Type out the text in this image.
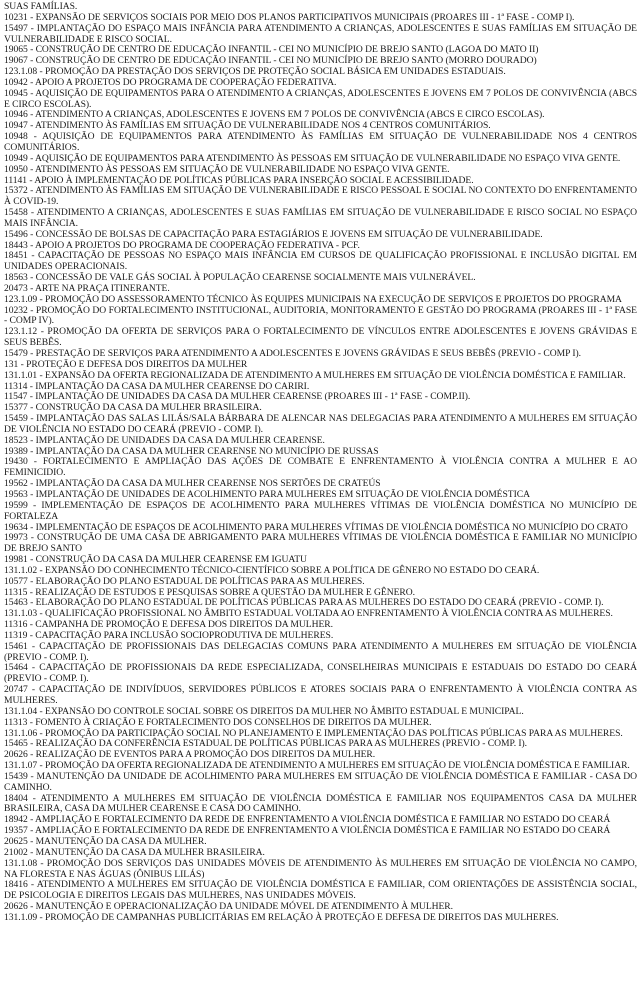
SUAS FAMÍLIAS.
10231 - EXPANSÃO DE SERVIÇOS SOCIAIS POR MEIO DOS PLANOS PARTICIPATIVOS MUNICIPAIS (PROARES III - 1ª FASE - COMP I).
15497 - IMPLANTAÇÃO DO ESPAÇO MAIS INFÂNCIA PARA ATENDIMENTO A CRIANÇAS, ADOLESCENTES E SUAS FAMÍLIAS EM SITUAÇÃO DE VULNERABILIDADE E RISCO SOCIAL.
19065 - CONSTRUÇÃO DE CENTRO DE EDUCAÇÃO INFANTIL - CEI NO MUNICÍPIO DE BREJO SANTO (LAGOA DO MATO II)
19067 - CONSTRUÇÃO DE CENTRO DE EDUCAÇÃO INFANTIL - CEI NO MUNICÍPIO DE BREJO SANTO (MORRO DOURADO)
123.1.08 - PROMOÇÃO DA PRESTAÇÃO DOS SERVIÇOS DE PROTEÇÃO SOCIAL BÁSICA EM UNIDADES ESTADUAIS.
10942 - APOIO A PROJETOS DO PROGRAMA DE COOPERAÇÃO FEDERATIVA.
10945 - AQUISIÇÃO DE EQUIPAMENTOS PARA O ATENDIMENTO A CRIANÇAS, ADOLESCENTES E JOVENS EM 7 POLOS DE CONVIVÊNCIA (ABCS E CIRCO ESCOLAS).
10946 - ATENDIMENTO A CRIANÇAS, ADOLESCENTES E JOVENS EM 7 POLOS DE CONVIVÊNCIA (ABCS E CIRCO ESCOLAS).
10947 - ATENDIMENTO ÀS FAMÍLIAS EM SITUAÇÃO DE VULNERABILIDADE NOS 4 CENTROS COMUNITÁRIOS.
10948 - AQUISIÇÃO DE EQUIPAMENTOS PARA ATENDIMENTO ÀS FAMÍLIAS EM SITUAÇÃO DE VULNERABILIDADE NOS 4 CENTROS COMUNITÁRIOS.
10949 - AQUISIÇÃO DE EQUIPAMENTOS PARA ATENDIMENTO ÀS PESSOAS EM SITUAÇÃO DE VULNERABILIDADE NO ESPAÇO VIVA GENTE.
10950 - ATENDIMENTO ÀS PESSOAS EM SITUAÇÃO DE VULNERABILIDADE NO ESPAÇO VIVA GENTE.
11141 - APOIO À IMPLEMENTAÇÃO DE POLÍTICAS PÚBLICAS PARA INSERÇÃO SOCIAL E ACESSIBILIDADE.
15372 - ATENDIMENTO ÀS FAMÍLIAS EM SITUAÇÃO DE VULNERABILIDADE E RISCO PESSOAL E SOCIAL NO CONTEXTO DO ENFRENTAMENTO À COVID-19.
15458 - ATENDIMENTO A CRIANÇAS, ADOLESCENTES E SUAS FAMÍLIAS EM SITUAÇÃO DE VULNERABILIDADE E RISCO SOCIAL NO ESPAÇO MAIS INFÂNCIA.
15496 - CONCESSÃO DE BOLSAS DE CAPACITAÇÃO PARA ESTAGIÁRIOS E JOVENS EM SITUAÇÃO DE VULNERABILIDADE.
18443 - APOIO A PROJETOS DO PROGRAMA DE COOPERAÇÃO FEDERATIVA - PCF.
18451 - CAPACITAÇÃO DE PESSOAS NO ESPAÇO MAIS INFÂNCIA EM CURSOS DE QUALIFICAÇÃO PROFISSIONAL E INCLUSÃO DIGITAL EM UNIDADES OPERACIONAIS.
18563 - CONCESSÃO DE VALE GÁS SOCIAL À POPULAÇÃO CEARENSE SOCIALMENTE MAIS VULNERÁVEL.
20473 - ARTE NA PRAÇA ITINERANTE.
123.1.09 - PROMOÇÃO DO ASSESSORAMENTO TÉCNICO ÀS EQUIPES MUNICIPAIS NA EXECUÇÃO DE SERVIÇOS E PROJETOS DO PROGRAMA
10232 - PROMOÇÃO DO FORTALECIMENTO INSTITUCIONAL, AUDITORIA, MONITORAMENTO E GESTÃO DO PROGRAMA (PROARES III - 1ª FASE - COMP IV).
123.1.12 - PROMOÇÃO DA OFERTA DE SERVIÇOS PARA O FORTALECIMENTO DE VÍNCULOS ENTRE ADOLESCENTES E JOVENS GRÁVIDAS E SEUS BEBÊS.
15479 - PRESTAÇÃO DE SERVIÇOS PARA ATENDIMENTO A ADOLESCENTES E JOVENS GRÁVIDAS E SEUS BEBÊS (PREVIO - COMP I).
131 - PROTEÇÃO E DEFESA DOS DIREITOS DA MULHER
131.1.01 - EXPANSÃO DA OFERTA REGIONALIZADA DE ATENDIMENTO A MULHERES EM SITUAÇÃO DE VIOLÊNCIA DOMÉSTICA E FAMILIAR.
11314 - IMPLANTAÇÃO DA CASA DA MULHER CEARENSE DO CARIRI.
11547 - IMPLANTAÇÃO DE UNIDADES DA CASA DA MULHER CEARENSE (PROARES III - 1ª FASE - COMP.II).
15377 - CONSTRUÇÃO DA CASA DA MULHER BRASILEIRA.
15459 - IMPLANTAÇÃO DAS SALAS LILÁS/SALA BÁRBARA DE ALENCAR NAS DELEGACIAS PARA ATENDIMENTO A MULHERES EM SITUAÇÃO DE VIOLÊNCIA NO ESTADO DO CEARÁ (PREVIO - COMP. I).
18523 - IMPLANTAÇÃO DE UNIDADES DA CASA DA MULHER CEARENSE.
19389 - IMPLANTAÇÃO DA CASA DA MULHER CEARENSE NO MUNICÍPIO DE RUSSAS
19430 - FORTALECIMENTO E AMPLIAÇÃO DAS AÇÕES DE COMBATE E ENFRENTAMENTO À VIOLÊNCIA CONTRA A MULHER E AO FEMINICIDIO.
19562 - IMPLANTAÇÃO DA CASA DA MULHER CEARENSE NOS SERTÕES DE CRATEÚS
19563 - IMPLANTAÇÃO DE UNIDADES DE ACOLHIMENTO PARA MULHERES EM SITUAÇÃO DE VIOLÊNCIA DOMÉSTICA
19599 - IMPLEMENTAÇÃO DE ESPAÇOS DE ACOLHIMENTO PARA MULHERES VÍTIMAS DE VIOLÊNCIA DOMÉSTICA NO MUNICÍPIO DE FORTALEZA
19634 - IMPLEMENTAÇÃO DE ESPAÇOS DE ACOLHIMENTO PARA MULHERES VÍTIMAS DE VIOLÊNCIA DOMÉSTICA NO MUNICÍPIO DO CRATO
19973 - CONSTRUÇÃO DE UMA CASA DE ABRIGAMENTO PARA MULHERES VÍTIMAS DE VIOLÊNCIA DOMÉSTICA E FAMILIAR NO MUNICÍPIO DE BREJO SANTO
19981 - CONSTRUÇÃO DA CASA DA MULHER CEARENSE EM IGUATU
131.1.02 - EXPANSÃO DO CONHECIMENTO TÉCNICO-CIENTÍFICO SOBRE A POLÍTICA DE GÊNERO NO ESTADO DO CEARÁ.
10577 - ELABORAÇÃO DO PLANO ESTADUAL DE POLÍTICAS PARA AS MULHERES.
11315 - REALIZAÇÃO DE ESTUDOS E PESQUISAS SOBRE A QUESTÃO DA MULHER E GÊNERO.
15463 - ELABORAÇÃO DO PLANO ESTADUAL DE POLÍTICAS PÚBLICAS PARA AS MULHERES DO ESTADO DO CEARÁ (PREVIO - COMP. I).
131.1.03 - QUALIFICAÇÃO PROFISSIONAL NO ÂMBITO ESTADUAL VOLTADA AO ENFRENTAMENTO À VIOLÊNCIA CONTRA AS MULHERES.
11316 - CAMPANHA DE PROMOÇÃO E DEFESA DOS DIREITOS DA MULHER.
11319 - CAPACITAÇÃO PARA INCLUSÃO SOCIOPRODUTIVA DE MULHERES.
15461 - CAPACITAÇÃO DE PROFISSIONAIS DAS DELEGACIAS COMUNS PARA ATENDIMENTO A MULHERES EM SITUAÇÃO DE VIOLÊNCIA (PREVIO - COMP. I).
15464 - CAPACITAÇÃO DE PROFISSIONAIS DA REDE ESPECIALIZADA, CONSELHEIRAS MUNICIPAIS E ESTADUAIS DO ESTADO DO CEARÁ (PREVIO - COMP. I).
20747 - CAPACITAÇÃO DE INDIVÍDUOS, SERVIDORES PÚBLICOS E ATORES SOCIAIS PARA O ENFRENTAMENTO À VIOLÊNCIA CONTRA AS MULHERES.
131.1.04 - EXPANSÃO DO CONTROLE SOCIAL SOBRE OS DIREITOS DA MULHER NO ÂMBITO ESTADUAL E MUNICIPAL.
11313 - FOMENTO À CRIAÇÃO E FORTALECIMENTO DOS CONSELHOS DE DIREITOS DA MULHER.
131.1.06 - PROMOÇÃO DA PARTICIPAÇÃO SOCIAL NO PLANEJAMENTO E IMPLEMENTAÇÃO DAS POLÍTICAS PÚBLICAS PARA AS MULHERES.
15465 - REALIZAÇÃO DA CONFERÊNCIA ESTADUAL DE POLÍTICAS PÚBLICAS PARA AS MULHERES (PREVIO - COMP. I).
20626 - REALIZAÇÃO DE EVENTOS PARA A PROMOÇÃO DOS DIREITOS DA MULHER.
131.1.07 - PROMOÇÃO DA OFERTA REGIONALIZADA DE ATENDIMENTO A MULHERES EM SITUAÇÃO DE VIOLÊNCIA DOMÉSTICA E FAMILIAR.
15439 - MANUTENÇÃO DA UNIDADE DE ACOLHIMENTO PARA MULHERES EM SITUAÇÃO DE VIOLÊNCIA DOMÉSTICA E FAMILIAR - CASA DO CAMINHO.
18404 - ATENDIMENTO A MULHERES EM SITUAÇÃO DE VIOLÊNCIA DOMÉSTICA E FAMILIAR NOS EQUIPAMENTOS CASA DA MULHER BRASILEIRA, CASA DA MULHER CEARENSE E CASA DO CAMINHO.
18942 - AMPLIAÇÃO E FORTALECIMENTO DA REDE DE ENFRENTAMENTO A VIOLÊNCIA DOMÉSTICA E FAMILIAR NO ESTADO DO CEARÁ
19357 - AMPLIAÇÃO E FORTALECIMENTO DA REDE DE ENFRENTAMENTO A VIOLÊNCIA DOMÉSTICA E FAMILIAR NO ESTADO DO CEARÁ
20625 - MANUTENÇÃO DA CASA DA MULHER.
21002 - MANUTENÇÃO DA CASA DA MULHER BRASILEIRA.
131.1.08 - PROMOÇÃO DOS SERVIÇOS DAS UNIDADES MÓVEIS DE ATENDIMENTO ÀS MULHERES EM SITUAÇÃO DE VIOLÊNCIA NO CAMPO, NA FLORESTA E NAS ÁGUAS (ÔNIBUS LILÁS)
18416 - ATENDIMENTO A MULHERES EM SITUAÇÃO DE VIOLÊNCIA DOMÉSTICA E FAMILIAR, COM ORIENTAÇÕES DE ASSISTÊNCIA SOCIAL, DE PSICOLOGIA E DIREITOS LEGAIS DAS MULHERES, NAS UNIDADES MÓVEIS.
20626 - MANUTENÇÃO E OPERACIONALIZAÇÃO DA UNIDADE MÓVEL DE ATENDIMENTO À MULHER.
131.1.09 - PROMOÇÃO DE CAMPANHAS PUBLICITÁRIAS EM RELAÇÃO À PROTEÇÃO E DEFESA DE DIREITOS DAS MULHERES.
